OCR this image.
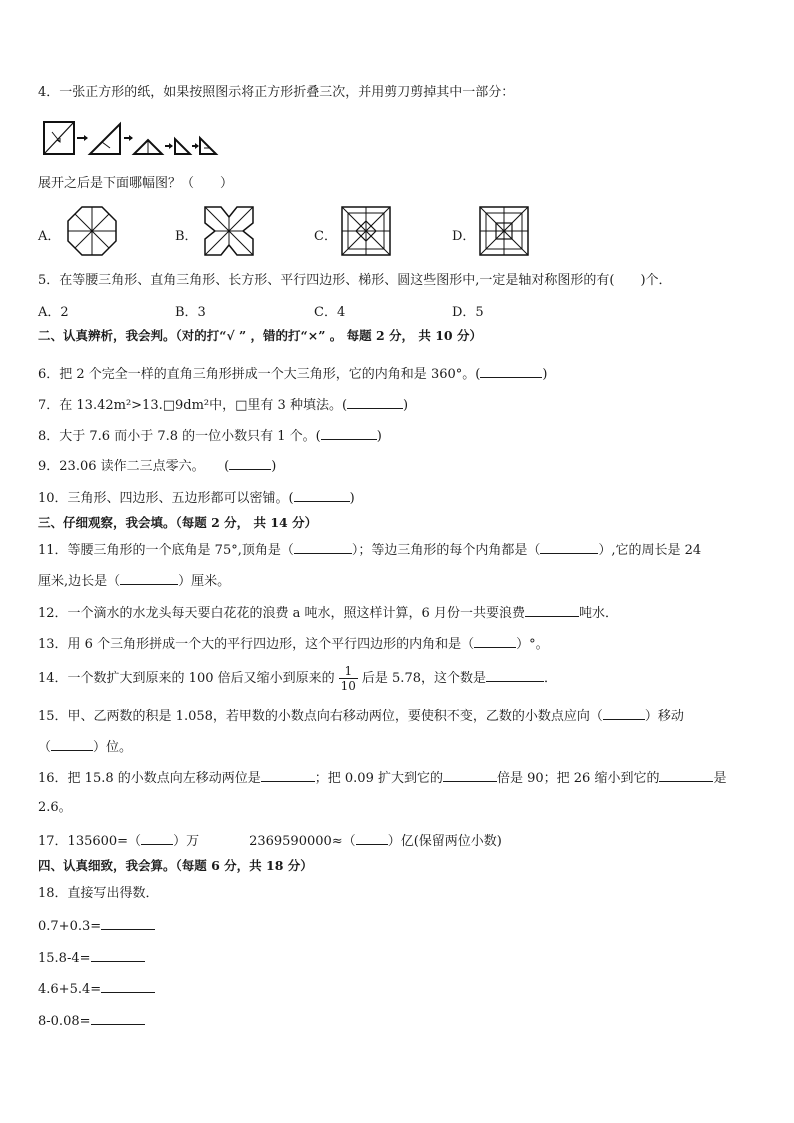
4．一张正方形的纸，如果按照图示将正方形折叠三次，并用剪刀剪掉其中一部分：
展开之后是下面哪幅图？（　　）
A．	B．	C．	D．
5．在等腰三角形、直角三角形、长方形、平行四边形、梯形、圆这些图形中,一定是轴对称图形的有(　　)个．
A．2	B．3	C．4	D．5
二、认真辨析，我会判。（对的打“√ ” ，错的打“×” 。 每题 2 分， 共 10 分）
6．把 2 个完全一样的直角三角形拼成一个大三角形，它的内角和是 360°。(	)
7．在 13.42m²>13.□9dm²中，□里有 3 种填法。(	)
8．大于 7.6 而小于 7.8 的一位小数只有 1 个。(	)
9．23.06 读作二三点零六。　　(	)
10．三角形、四边形、五边形都可以密铺。(	)
三、仔细观察，我会填。（每题 2 分， 共 14 分）
11．等腰三角形的一个底角是 75°,顶角是（	）；等边三角形的每个内角都是（	）,它的周长是 24
厘米,边长是（	）厘米。
12．一个滴水的水龙头每天要白花花的浪费 a 吨水，照这样计算，6 月份一共要浪费	吨水．
13．用 6 个三角形拼成一个大的平行四边形，这个平行四边形的内角和是（	）°。
14．一个数扩大到原来的 100 倍后又缩小到原来的 $\frac{1}{10}$ 后是 5.78，这个数是	．
15．甲、乙两数的积是 1.058，若甲数的小数点向右移动两位，要使积不变，乙数的小数点应向（	）移动
（	）位。
16．把 15.8 的小数点向左移动两位是	；把 0.09 扩大到它的	倍是 90；把 26 缩小到它的	是
2.6。
17．135600=（ ）万	2369590000≈（ ）亿(保留两位小数)
四、认真细致，我会算。（每题 6 分，共 18 分）
18．直接写出得数．
0.7+0.3=
15.8-4=
4.6+5.4=
8-0.08=
